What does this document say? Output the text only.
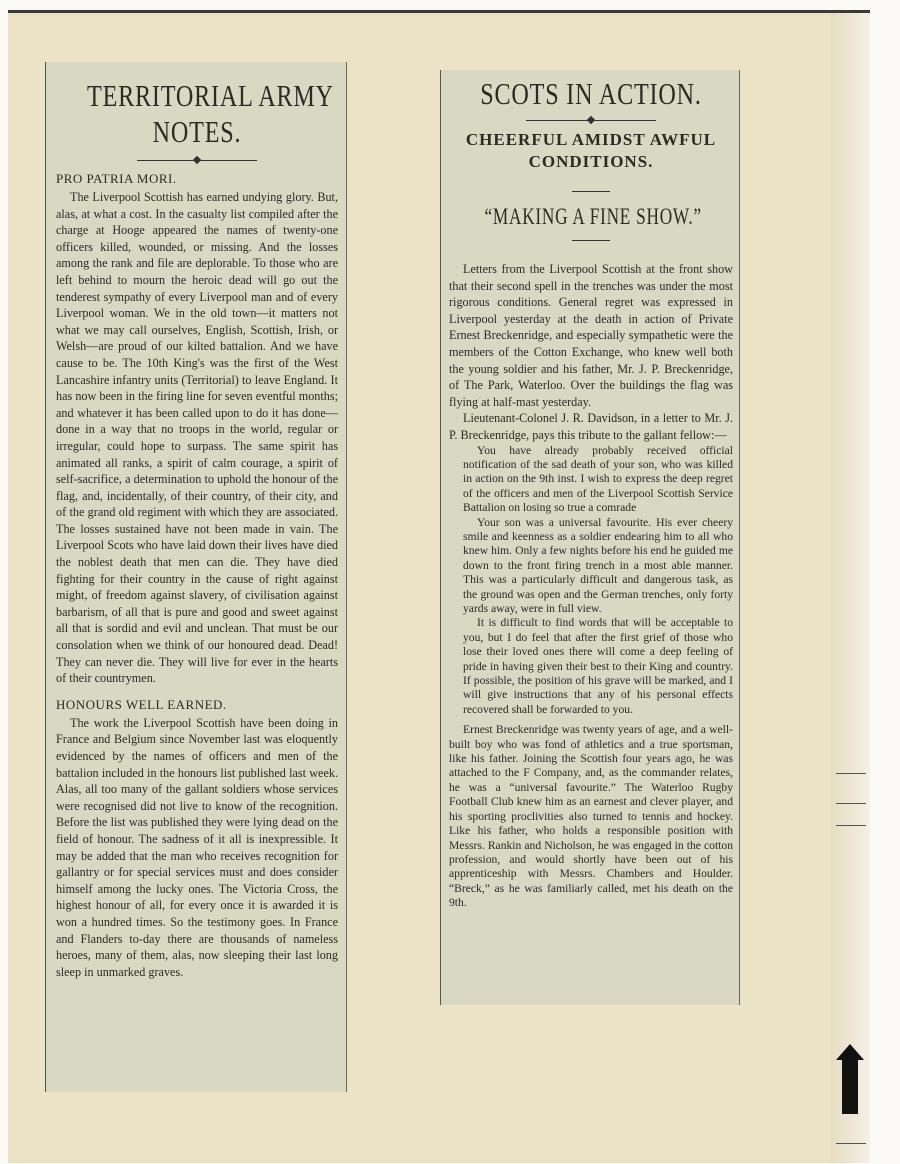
TERRITORIAL ARMY
NOTES.
PRO PATRIA MORI.

The Liverpool Scottish has earned undying glory. But, alas, at what a cost. In the casualty list compiled after the charge at Hooge appeared the names of twenty-one officers killed, wounded, or missing. And the losses among the rank and file are deplorable. To those who are left behind to mourn the heroic dead will go out the tenderest sympathy of every Liverpool man and of every Liverpool woman. We in the old town—it matters not what we may call ourselves, English, Scottish, Irish, or Welsh—are proud of our kilted battalion. And we have cause to be. The 10th King's was the first of the West Lancashire infantry units (Territorial) to leave England. It has now been in the firing line for seven eventful months; and whatever it has been called upon to do it has done—done in a way that no troops in the world, regular or irregular, could hope to surpass. The same spirit has animated all ranks, a spirit of calm courage, a spirit of self-sacrifice, a determination to uphold the honour of the flag, and, incidentally, of their country, of their city, and of the grand old regiment with which they are associated. The losses sustained have not been made in vain. The Liverpool Scots who have laid down their lives have died the noblest death that men can die. They have died fighting for their country in the cause of right against might, of freedom against slavery, of civilisation against barbarism, of all that is pure and good and sweet against all that is sordid and evil and unclean. That must be our consolation when we think of our honoured dead. Dead! They can never die. They will live for ever in the hearts of their countrymen.

HONOURS WELL EARNED.

The work the Liverpool Scottish have been doing in France and Belgium since November last was eloquently evidenced by the names of officers and men of the battalion included in the honours list published last week. Alas, all too many of the gallant soldiers whose services were recognised did not live to know of the recognition. Before the list was published they were lying dead on the field of honour. The sadness of it all is inexpressible. It may be added that the man who receives recognition for gallantry or for special services must and does consider himself among the lucky ones. The Victoria Cross, the highest honour of all, for every once it is awarded it is won a hundred times. So the testimony goes. In France and Flanders to-day there are thousands of nameless heroes, many of them, alas, now sleeping their last long sleep in unmarked graves.

SCOTS IN ACTION.
CHEERFUL AMIDST AWFUL
CONDITIONS.
“MAKING A FINE SHOW.”

Letters from the Liverpool Scottish at the front show that their second spell in the trenches was under the most rigorous conditions. General regret was expressed in Liverpool yesterday at the death in action of Private Ernest Breckenridge, and especially sympathetic were the members of the Cotton Exchange, who knew well both the young soldier and his father, Mr. J. P. Breckenridge, of The Park, Waterloo. Over the buildings the flag was flying at half-mast yesterday.

Lieutenant-Colonel J. R. Davidson, in a letter to Mr. J. P. Breckenridge, pays this tribute to the gallant fellow:—

You have already probably received official notification of the sad death of your son, who was killed in action on the 9th inst. I wish to express the deep regret of the officers and men of the Liverpool Scottish Service Battalion on losing so true a comrade

Your son was a universal favourite. His ever cheery smile and keenness as a soldier endearing him to all who knew him. Only a few nights before his end he guided me down to the front firing trench in a most able manner. This was a particularly difficult and dangerous task, as the ground was open and the German trenches, only forty yards away, were in full view.

It is difficult to find words that will be acceptable to you, but I do feel that after the first grief of those who lose their loved ones there will come a deep feeling of pride in having given their best to their King and country. If possible, the position of his grave will be marked, and I will give instructions that any of his personal effects recovered shall be forwarded to you.

Ernest Breckenridge was twenty years of age, and a well-built boy who was fond of athletics and a true sportsman, like his father. Joining the Scottish four years ago, he was attached to the F Company, and, as the commander relates, he was a “universal favourite.” The Waterloo Rugby Football Club knew him as an earnest and clever player, and his sporting proclivities also turned to tennis and hockey. Like his father, who holds a responsible position with Messrs. Rankin and Nicholson, he was engaged in the cotton profession, and would shortly have been out of his apprenticeship with Messrs. Chambers and Houlder. “Breck,” as he was familiarly called, met his death on the 9th.
